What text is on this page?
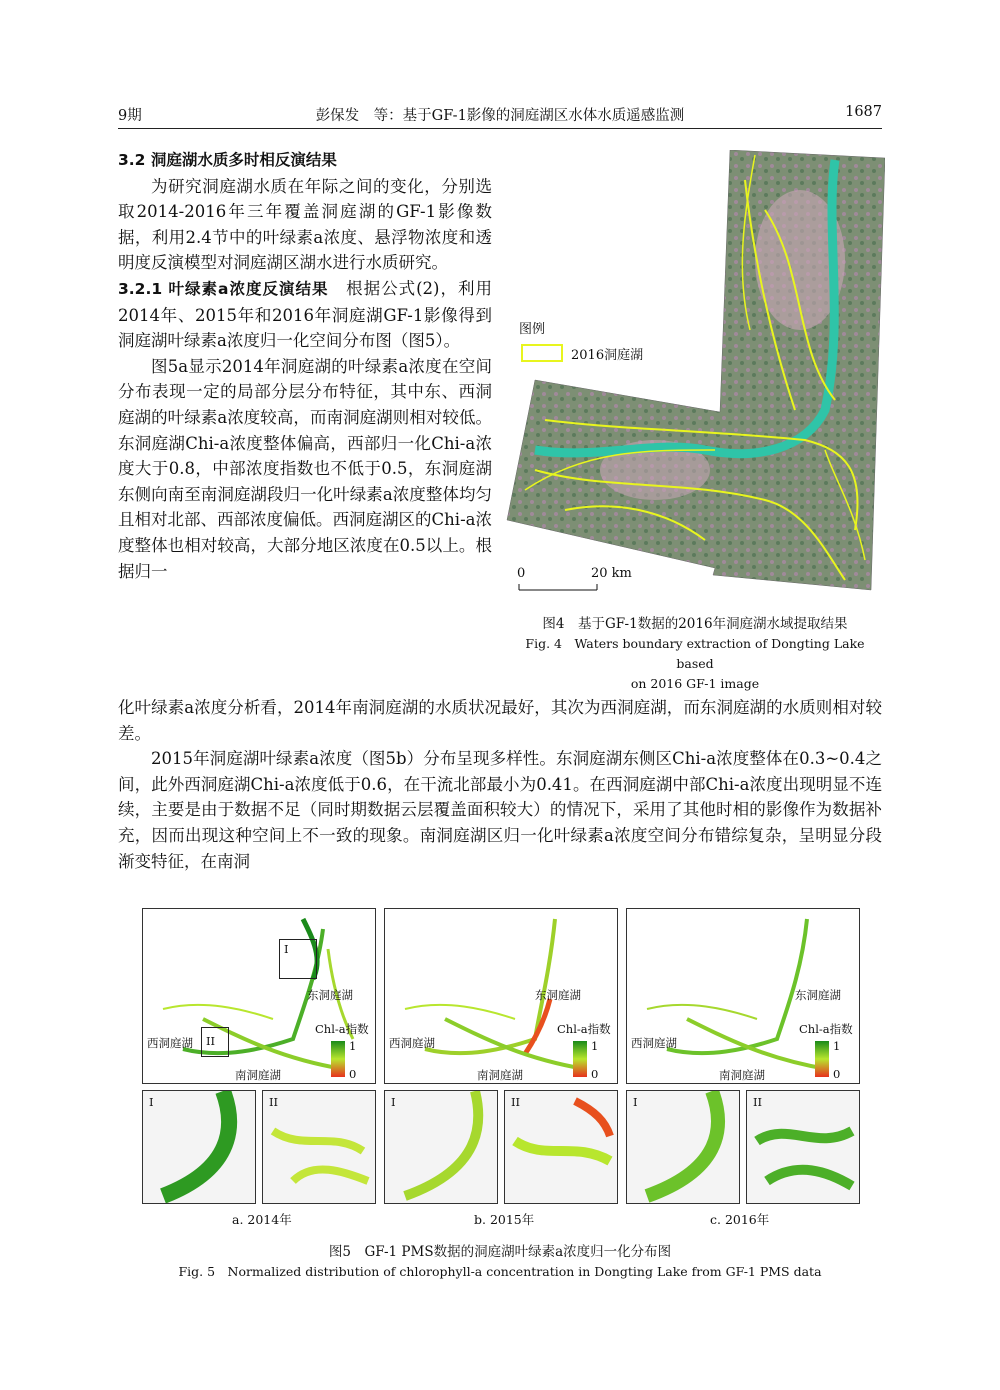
9期	彭保发　等：基于GF-1影像的洞庭湖区水体水质遥感监测	1687

3.2 洞庭湖水质多时相反演结果

为研究洞庭湖水质在年际之间的变化，分别选取2014-2016年三年覆盖洞庭湖的GF-1影像数据，利用2.4节中的叶绿素a浓度、悬浮物浓度和透明度反演模型对洞庭湖区湖水进行水质研究。

3.2.1 叶绿素a浓度反演结果　 根据公式(2)，利用2014年、2015年和2016年洞庭湖GF-1影像得到洞庭湖叶绿素a浓度归一化空间分布图（图5）。

图5a显示2014年洞庭湖的叶绿素a浓度在空间分布表现一定的局部分层分布特征，其中东、西洞庭湖的叶绿素a浓度较高，而南洞庭湖则相对较低。东洞庭湖Chi-a浓度整体偏高，西部归一化Chi-a浓度大于0.8，中部浓度指数也不低于0.5，东洞庭湖东侧向南至南洞庭湖段归一化叶绿素a浓度整体均匀且相对北部、西部浓度偏低。西洞庭湖区的Chi-a浓度整体也相对较高，大部分地区浓度在0.5以上。根据归一

化叶绿素a浓度分析看，2014年南洞庭湖的水质状况最好，其次为西洞庭湖，而东洞庭湖的水质则相对较差。

2015年洞庭湖叶绿素a浓度（图5b）分布呈现多样性。东洞庭湖东侧区Chi-a浓度整体在0.3~0.4之间，此外西洞庭湖Chi-a浓度低于0.6，在干流北部最小为0.41。在西洞庭湖中部Chi-a浓度出现明显不连续，主要是由于数据不足（同时期数据云层覆盖面积较大）的情况下，采用了其他时相的影像作为数据补充，因而出现这种空间上不一致的现象。南洞庭湖区归一化叶绿素a浓度空间分布错综复杂，呈明显分段渐变特征，在南洞

图例
2016洞庭湖
0	20 km
图4　基于GF-1数据的2016年洞庭湖水域提取结果
Fig. 4　Waters boundary extraction of Dongting Lake based
on 2016 GF-1 image
I
II
东洞庭湖
西洞庭湖
南洞庭湖
Chl-a指数
1
0
东洞庭湖
西洞庭湖
南洞庭湖
Chl-a指数
1
0
东洞庭湖
西洞庭湖
南洞庭湖
Chl-a指数
1
0
I	II	I	II	I	II
a. 2014年	b. 2015年	c. 2016年
图5　GF-1 PMS数据的洞庭湖叶绿素a浓度归一化分布图
Fig. 5　Normalized distribution of chlorophyll-a concentration in Dongting Lake from GF-1 PMS data
